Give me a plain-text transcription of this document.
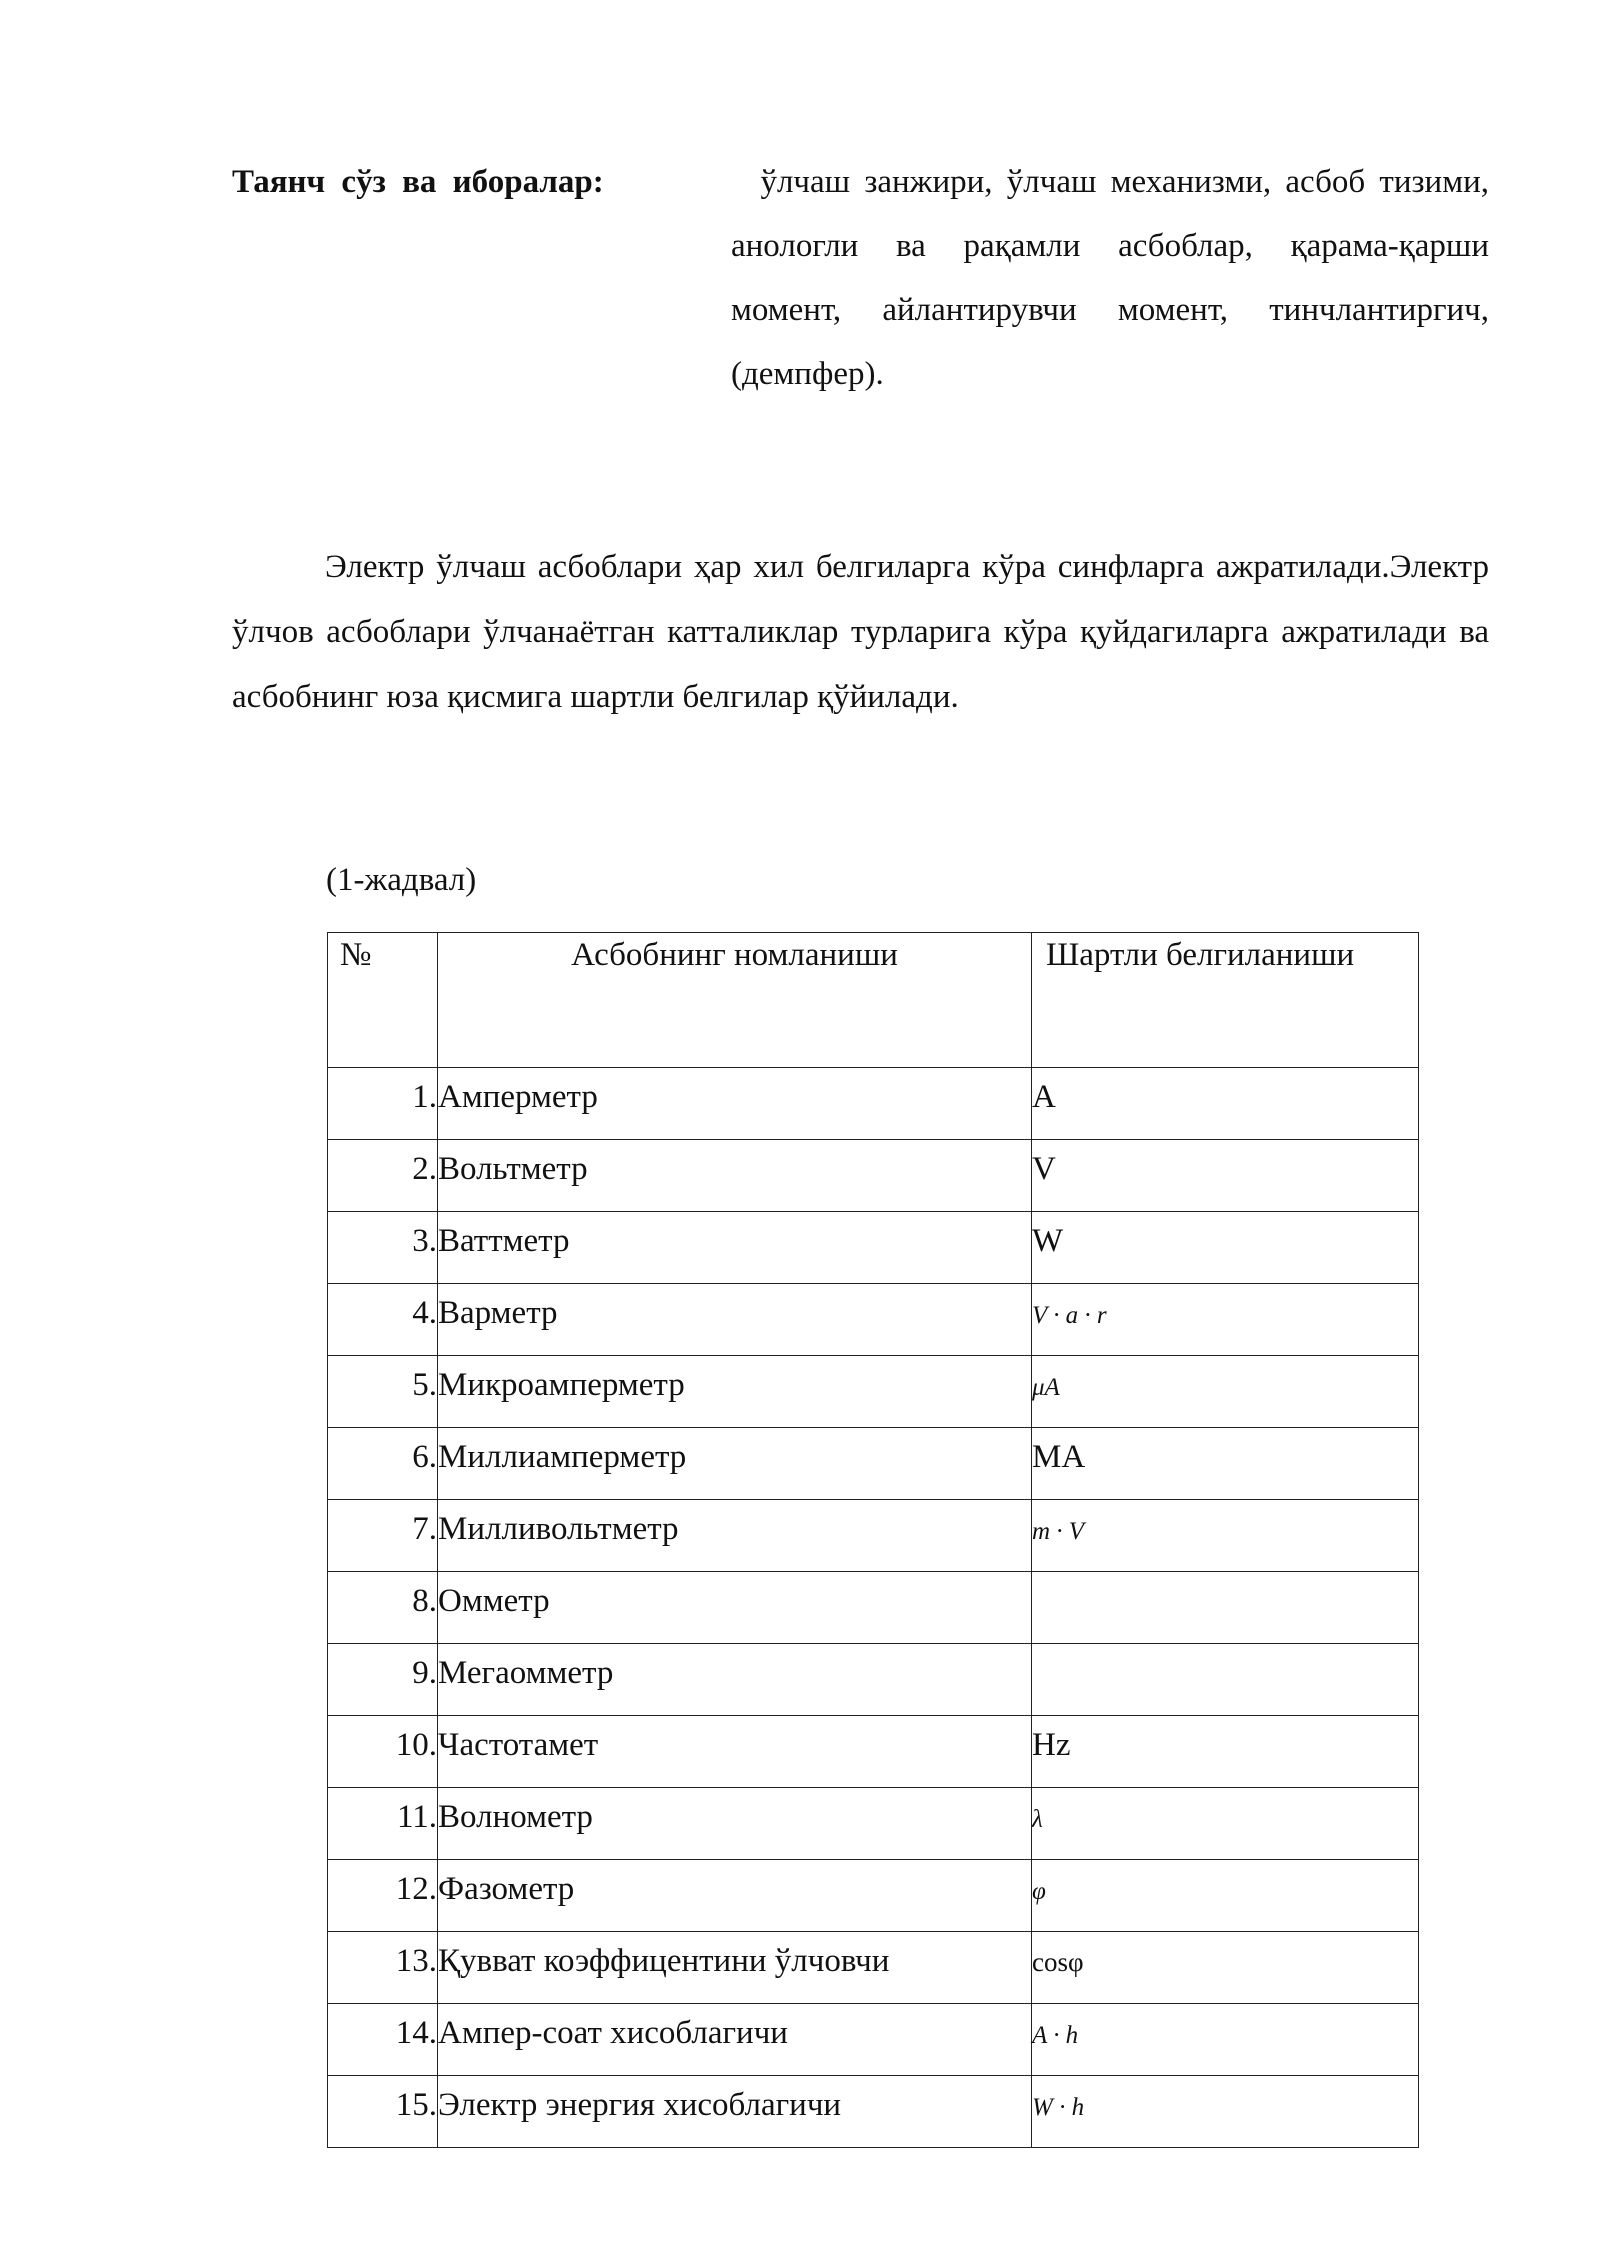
Таянч сўз ва иборалар:	ўлчаш занжири, ўлчаш механизми, асбоб тизими,
анологли ва рақамли асбоблар, қарама-қарши момент, айлантирувчи момент, тинчлантиргич, (демпфер).

Электр ўлчаш асбоблари ҳар хил белгиларга кўра синфларга ажратилади.Электр ўлчов асбоблари ўлчанаётган катталиклар турларига кўра қуйдагиларга ажратилади ва асбобнинг юза қисмига шартли белгилар қўйилади.

(1-жадвал)
№	Асбобнинг номланиши	Шартли белгиланиши
1.	Амперметр	A
2.	Вольтметр	V
3.	Ваттметр	W
4.	Варметр	V · a · r
5.	Микроамперметр	μA
6.	Миллиамперметр	MA
7.	Милливольтметр	m · V
8.	Омметр	
9.	Мегаомметр	
10.	Частотамет	Hz
11.	Волнометр	λ
12.	Фазометр	φ
13.	Қувват коэффицентини ўлчовчи	cosφ
14.	Ампер-соат хисоблагичи	A · h
15.	Электр энергия хисоблагичи	W · h
